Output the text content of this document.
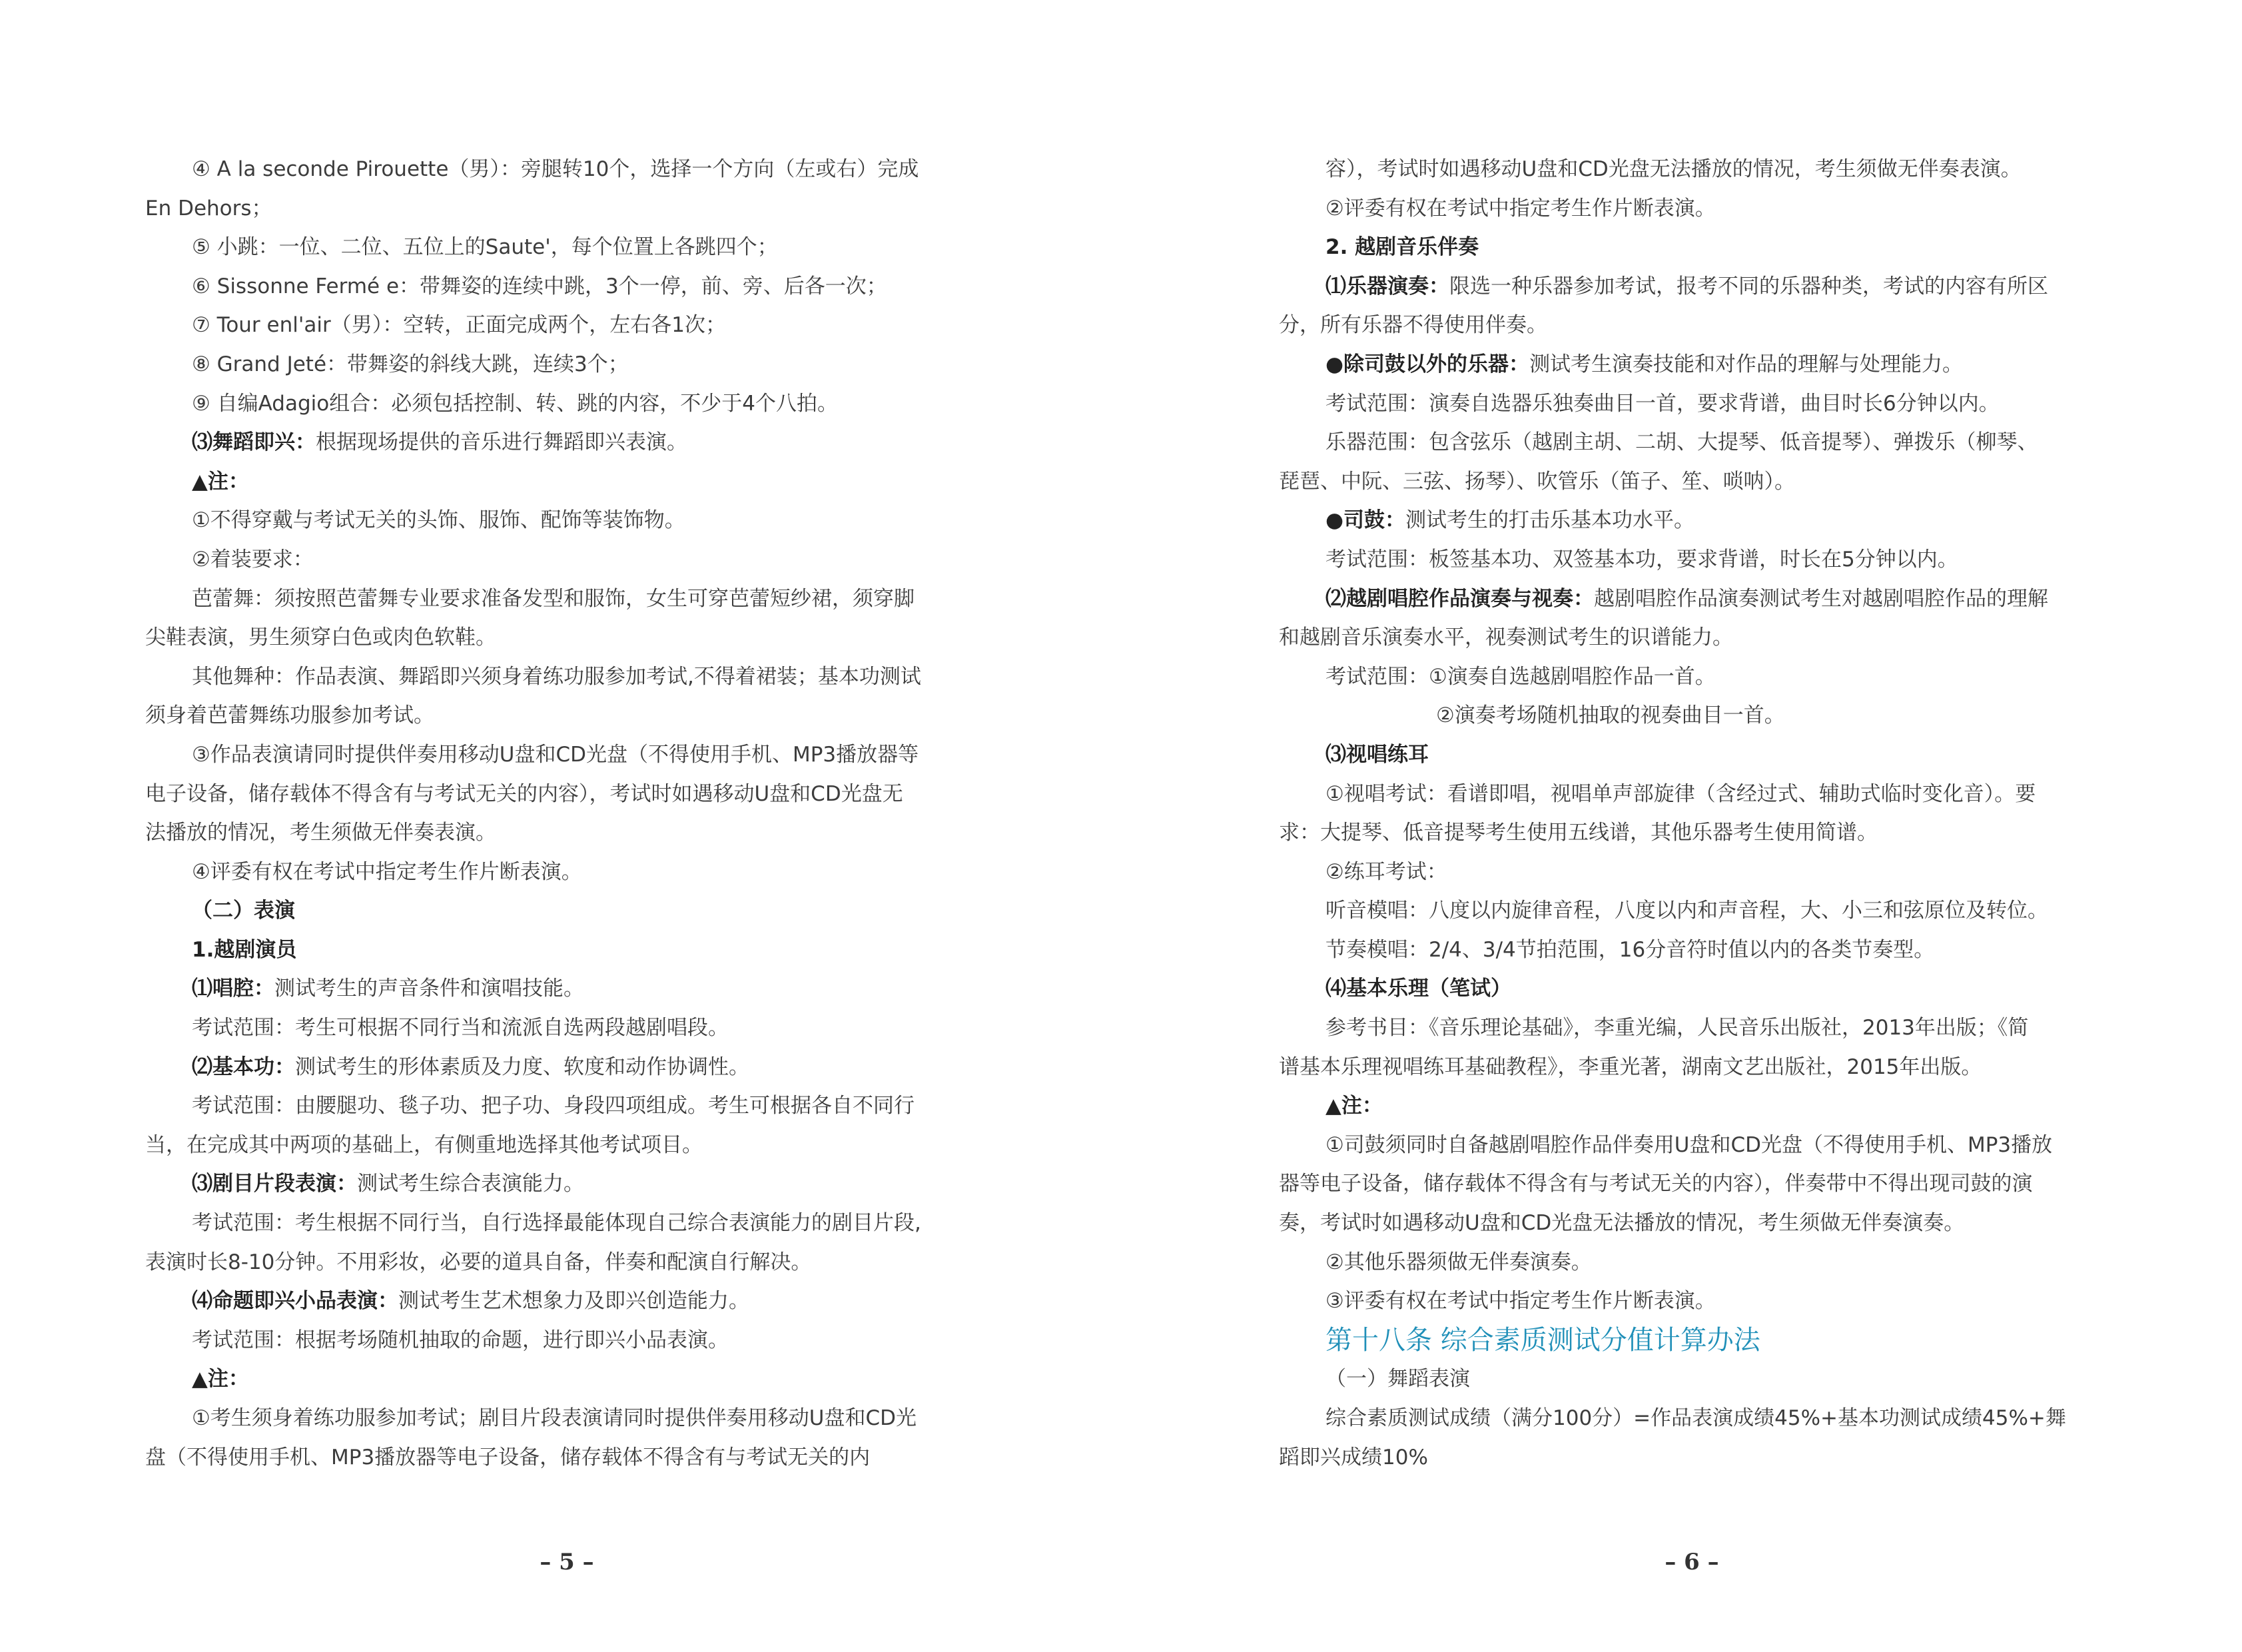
④ A la seconde Pirouette（男）：旁腿转10个，选择一个方向（左或右）完成
En Dehors；
⑤ 小跳：一位、二位、五位上的Saute'，每个位置上各跳四个；
⑥ Sissonne Fermé e：带舞姿的连续中跳，3个一停，前、旁、后各一次；
⑦ Tour enl'air（男）：空转，正面完成两个，左右各1次；
⑧ Grand Jeté：带舞姿的斜线大跳，连续3个；
⑨ 自编Adagio组合：必须包括控制、转、跳的内容，不少于4个八拍。
⑶舞蹈即兴：根据现场提供的音乐进行舞蹈即兴表演。
▲注：
①不得穿戴与考试无关的头饰、服饰、配饰等装饰物。
②着装要求：
芭蕾舞：须按照芭蕾舞专业要求准备发型和服饰，女生可穿芭蕾短纱裙，须穿脚
尖鞋表演，男生须穿白色或肉色软鞋。
其他舞种：作品表演、舞蹈即兴须身着练功服参加考试,不得着裙装；基本功测试
须身着芭蕾舞练功服参加考试。
③作品表演请同时提供伴奏用移动U盘和CD光盘（不得使用手机、MP3播放器等
电子设备，储存载体不得含有与考试无关的内容），考试时如遇移动U盘和CD光盘无
法播放的情况，考生须做无伴奏表演。
④评委有权在考试中指定考生作片断表演。
（二）表演
1.越剧演员
⑴唱腔：测试考生的声音条件和演唱技能。
考试范围：考生可根据不同行当和流派自选两段越剧唱段。
⑵基本功：测试考生的形体素质及力度、软度和动作协调性。
考试范围：由腰腿功、毯子功、把子功、身段四项组成。考生可根据各自不同行
当，在完成其中两项的基础上，有侧重地选择其他考试项目。
⑶剧目片段表演：测试考生综合表演能力。
考试范围：考生根据不同行当，自行选择最能体现自己综合表演能力的剧目片段,
表演时长8-10分钟。不用彩妆，必要的道具自备，伴奏和配演自行解决。
⑷命题即兴小品表演：测试考生艺术想象力及即兴创造能力。
考试范围：根据考场随机抽取的命题，进行即兴小品表演。
▲注：
①考生须身着练功服参加考试；剧目片段表演请同时提供伴奏用移动U盘和CD光
盘（不得使用手机、MP3播放器等电子设备，储存载体不得含有与考试无关的内
容），考试时如遇移动U盘和CD光盘无法播放的情况，考生须做无伴奏表演。
②评委有权在考试中指定考生作片断表演。
2. 越剧音乐伴奏
⑴乐器演奏：限选一种乐器参加考试，报考不同的乐器种类，考试的内容有所区
分，所有乐器不得使用伴奏。
●除司鼓以外的乐器：测试考生演奏技能和对作品的理解与处理能力。
考试范围：演奏自选器乐独奏曲目一首，要求背谱，曲目时长6分钟以内。
乐器范围：包含弦乐（越剧主胡、二胡、大提琴、低音提琴）、弹拨乐（柳琴、
琵琶、中阮、三弦、扬琴）、吹管乐（笛子、笙、唢呐）。
●司鼓：测试考生的打击乐基本功水平。
考试范围：板签基本功、双签基本功，要求背谱，时长在5分钟以内。
⑵越剧唱腔作品演奏与视奏：越剧唱腔作品演奏测试考生对越剧唱腔作品的理解
和越剧音乐演奏水平，视奏测试考生的识谱能力。
考试范围：①演奏自选越剧唱腔作品一首。
②演奏考场随机抽取的视奏曲目一首。
⑶视唱练耳
①视唱考试：看谱即唱，视唱单声部旋律（含经过式、辅助式临时变化音）。要
求：大提琴、低音提琴考生使用五线谱，其他乐器考生使用简谱。
②练耳考试：
听音模唱：八度以内旋律音程，八度以内和声音程，大、小三和弦原位及转位。
节奏模唱：2/4、3/4节拍范围，16分音符时值以内的各类节奏型。
⑷基本乐理（笔试）
参考书目：《音乐理论基础》，李重光编，人民音乐出版社，2013年出版；《简
谱基本乐理视唱练耳基础教程》，李重光著，湖南文艺出版社，2015年出版。
▲注：
①司鼓须同时自备越剧唱腔作品伴奏用U盘和CD光盘（不得使用手机、MP3播放
器等电子设备，储存载体不得含有与考试无关的内容），伴奏带中不得出现司鼓的演
奏，考试时如遇移动U盘和CD光盘无法播放的情况，考生须做无伴奏演奏。
②其他乐器须做无伴奏演奏。
③评委有权在考试中指定考生作片断表演。
第十八条 综合素质测试分值计算办法
（一）舞蹈表演
综合素质测试成绩（满分100分）=作品表演成绩45%+基本功测试成绩45%+舞
蹈即兴成绩10%
– 5 –	– 6 –
